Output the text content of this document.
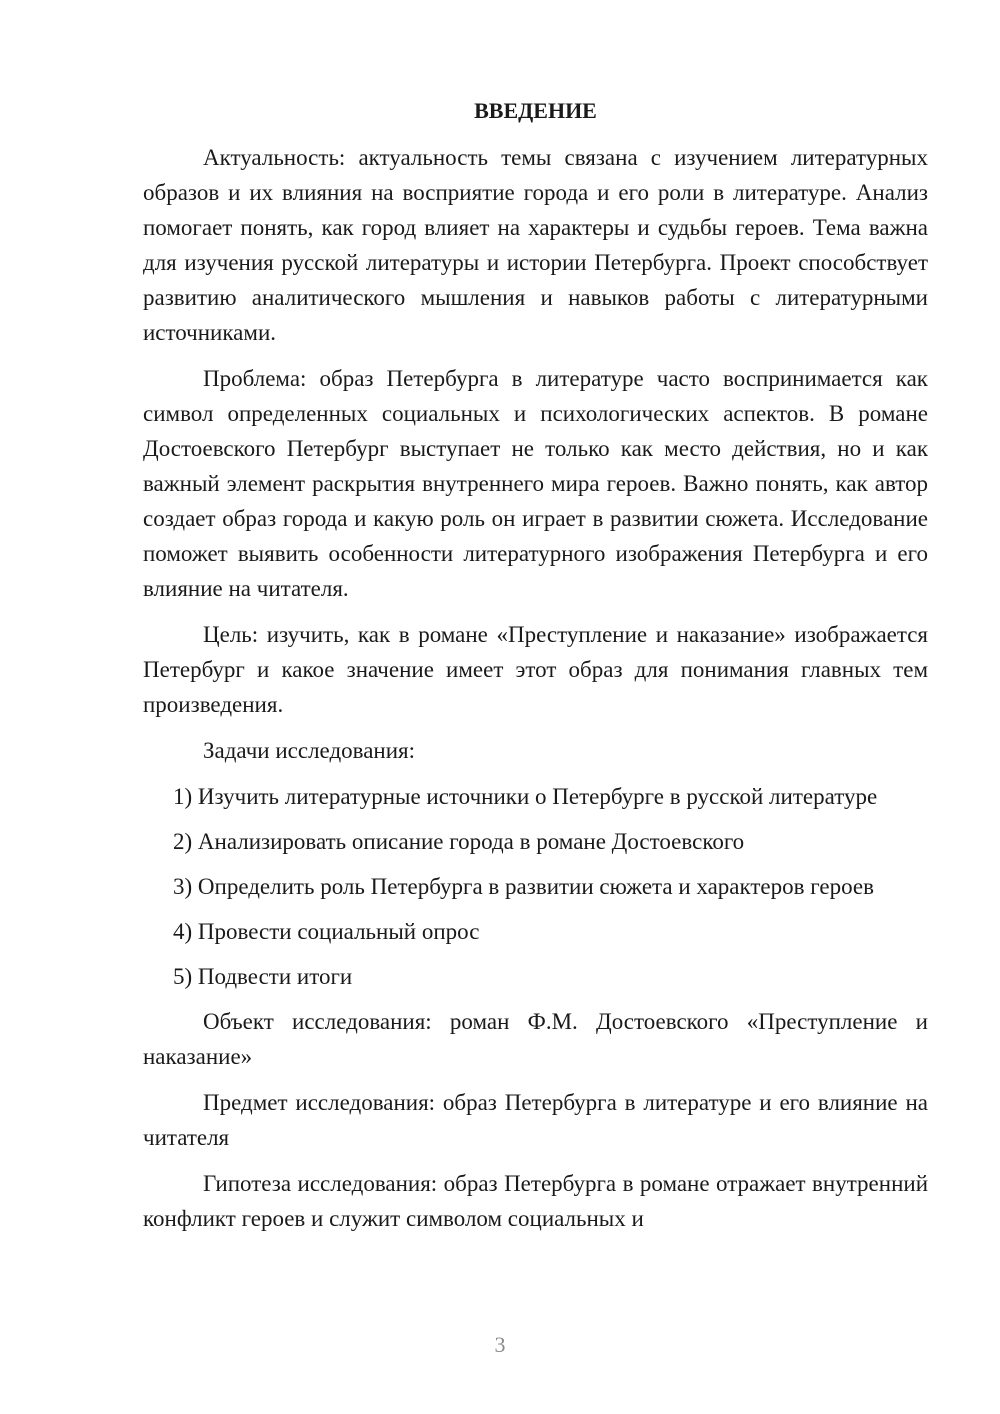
ВВЕДЕНИЕ

Актуальность: актуальность темы связана с изучением литературных образов и их влияния на восприятие города и его роли в литературе. Анализ помогает понять, как город влияет на характеры и судьбы героев. Тема важна для изучения русской литературы и истории Петербурга. Проект способствует развитию аналитического мышления и навыков работы с литературными источниками.

Проблема: образ Петербурга в литературе часто воспринимается как символ определенных социальных и психологических аспектов. В романе Достоевского Петербург выступает не только как место действия, но и как важный элемент раскрытия внутреннего мира героев. Важно понять, как автор создает образ города и какую роль он играет в развитии сюжета. Исследование поможет выявить особенности литературного изображения Петербурга и его влияние на читателя.

Цель: изучить, как в романе «Преступление и наказание» изображается Петербург и какое значение имеет этот образ для понимания главных тем произведения.

Задачи исследования:

1) Изучить литературные источники о Петербурге в русской литературе

2) Анализировать описание города в романе Достоевского

3) Определить роль Петербурга в развитии сюжета и характеров героев

4) Провести социальный опрос

5) Подвести итоги

Объект исследования: роман Ф.М. Достоевского «Преступление и наказание»

Предмет исследования: образ Петербурга в литературе и его влияние на читателя

Гипотеза исследования: образ Петербурга в романе отражает внутренний конфликт героев и служит символом социальных и

3
